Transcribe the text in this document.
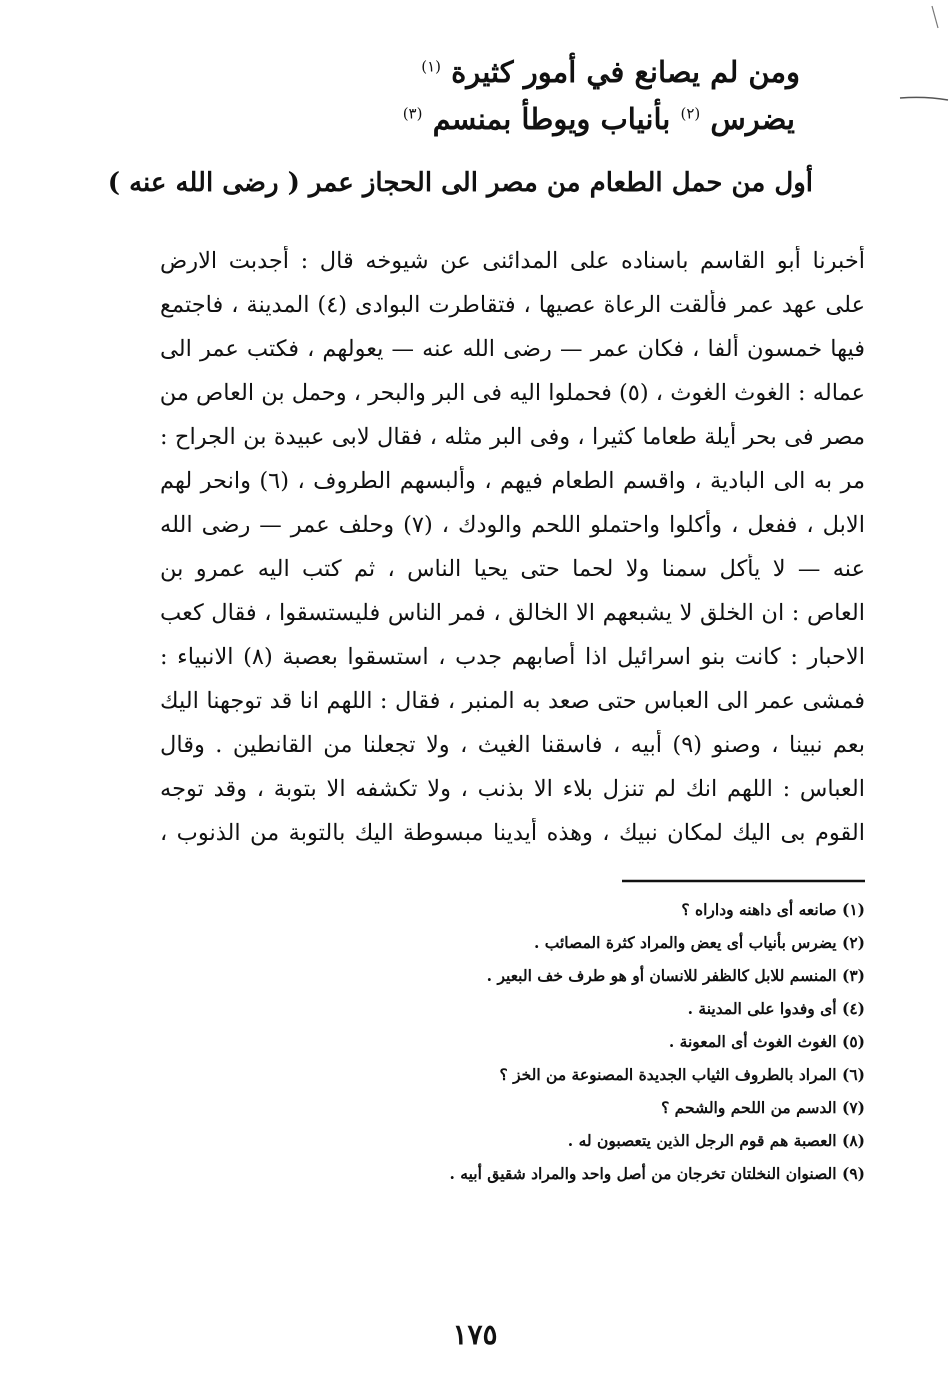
ومن لم يصانع في أمور كثيرة $^{(١)}$
يضرس $^{(٢)}$ بأنياب ويوطأ بمنسم $^{(٣)}$
أول من حمل الطعام من مصر الى الحجاز عمر ( رضى الله عنه )
أخبرنا أبو القاسم باسناده على المدائنى عن شيوخه قال : أجدبت الارض
على عهد عمر فألقت الرعاة عصيها ، فتقاطرت البوادى (٤) المدينة ، فاجتمع
فيها خمسون ألفا ، فكان عمر — رضى الله عنه — يعولهم ، فكتب عمر الى
عماله : الغوث الغوث ، (٥) فحملوا اليه فى البر والبحر ، وحمل بن العاص من
مصر فى بحر أيلة طعاما كثيرا ، وفى البر مثله ، فقال لابى عبيدة بن الجراح :
مر به الى البادية ، واقسم الطعام فيهم ، وألبسهم الطروف ، (٦) وانحر لهم
الابل ، ففعل ، وأكلوا واحتملو اللحم والودك ، (٧) وحلف عمر — رضى الله
عنه — لا يأكل سمنا ولا لحما حتى يحيا الناس ، ثم كتب اليه عمرو بن
العاص : ان الخلق لا يشبعهم الا الخالق ، فمر الناس فليستسقوا ، فقال كعب
الاحبار : كانت بنو اسرائيل اذا أصابهم جدب ، استسقوا بعصبة (٨) الانبياء :
فمشى عمر الى العباس حتى صعد به المنبر ، فقال : اللهم انا قد توجهنا اليك
بعم نبينا ، وصنو (٩) أبيه ، فاسقنا الغيث ، ولا تجعلنا من القانطين . وقال
العباس : اللهم انك لم تنزل بلاء الا بذنب ، ولا تكشفه الا بتوبة ، وقد توجه
القوم بى اليك لمكان نبيك ، وهذه أيدينا مبسوطة اليك بالتوبة من الذنوب ،
(١) صانعه أى داهنه وداراه ؟
(٢) يضرس بأنياب أى يعض والمراد كثرة المصائب .
(٣) المنسم للابل كالظفر للانسان أو هو طرف خف البعير .
(٤) أى وفدوا على المدينة .
(٥) الغوث الغوث أى المعونة .
(٦) المراد بالطروف الثياب الجديدة المصنوعة من الخز ؟
(٧) الدسم من اللحم والشحم ؟
(٨) العصبة هم قوم الرجل الذين يتعصبون له .
(٩) الصنوان النخلتان تخرجان من أصل واحد والمراد شقيق أبيه .
١٧٥
